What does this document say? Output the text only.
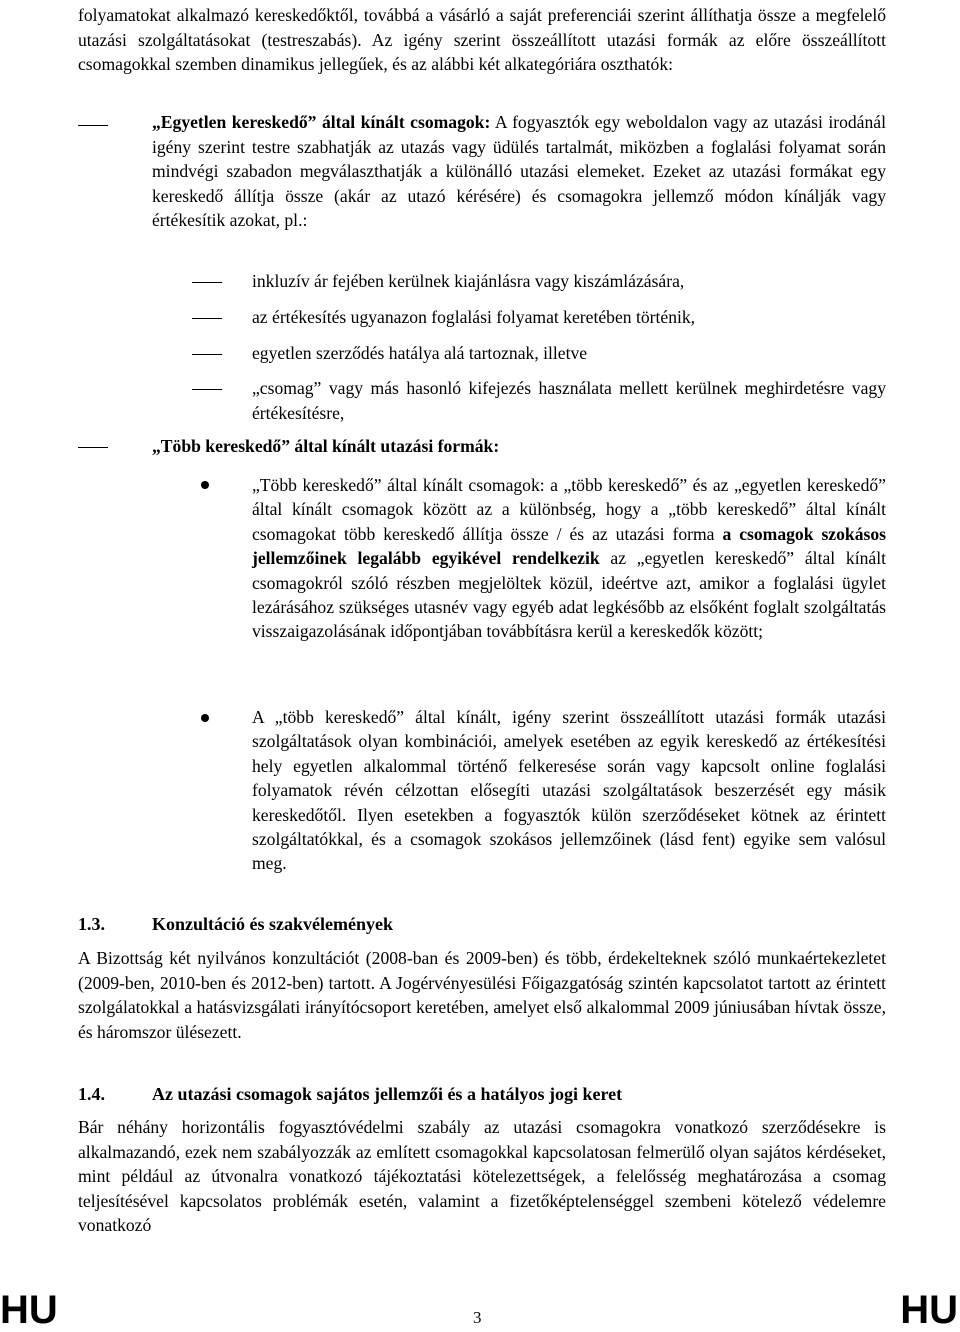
folyamatokat alkalmazó kereskedőktől, továbbá a vásárló a saját preferenciái szerint állíthatja össze a megfelelő utazási szolgáltatásokat (testreszabás). Az igény szerint összeállított utazási formák az előre összeállított csomagokkal szemben dinamikus jellegűek, és az alábbi két alkategóriára oszthatók:

„Egyetlen kereskedő” által kínált csomagok: A fogyasztók egy weboldalon vagy az utazási irodánál igény szerint testre szabhatják az utazás vagy üdülés tartalmát, miközben a foglalási folyamat során mindvégi szabadon megválaszthatják a különálló utazási elemeket. Ezeket az utazási formákat egy kereskedő állítja össze (akár az utazó kérésére) és csomagokra jellemző módon kínálják vagy értékesítik azokat, pl.:

inkluzív ár fejében kerülnek kiajánlásra vagy kiszámlázására,

az értékesítés ugyanazon foglalási folyamat keretében történik,

egyetlen szerződés hatálya alá tartoznak, illetve

„csomag” vagy más hasonló kifejezés használata mellett kerülnek meghirdetésre vagy értékesítésre,

„Több kereskedő” által kínált utazási formák:

„Több kereskedő” által kínált csomagok: a „több kereskedő” és az „egyetlen kereskedő” által kínált csomagok között az a különbség, hogy a „több kereskedő” által kínált csomagokat több kereskedő állítja össze / és az utazási forma a csomagok szokásos jellemzőinek legalább egyikével rendelkezik az „egyetlen kereskedő” által kínált csomagokról szóló részben megjelöltek közül, ideértve azt, amikor a foglalási ügylet lezárásához szükséges utasnév vagy egyéb adat legkésőbb az elsőként foglalt szolgáltatás visszaigazolásának időpontjában továbbításra kerül a kereskedők között;

A „több kereskedő” által kínált, igény szerint összeállított utazási formák utazási szolgáltatások olyan kombinációi, amelyek esetében az egyik kereskedő az értékesítési hely egyetlen alkalommal történő felkeresése során vagy kapcsolt online foglalási folyamatok révén célzottan elősegíti utazási szolgáltatások beszerzését egy másik kereskedőtől. Ilyen esetekben a fogyasztók külön szerződéseket kötnek az érintett szolgáltatókkal, és a csomagok szokásos jellemzőinek (lásd fent) egyike sem valósul meg.

1.3.	Konzultáció és szakvélemények

A Bizottság két nyilvános konzultációt (2008-ban és 2009-ben) és több, érdekelteknek szóló munkaértekezletet (2009-ben, 2010-ben és 2012-ben) tartott. A Jogérvényesülési Főigazgatóság szintén kapcsolatot tartott az érintett szolgálatokkal a hatásvizsgálati irányítócsoport keretében, amelyet első alkalommal 2009 júniusában hívtak össze, és háromszor ülésezett.

1.4.	Az utazási csomagok sajátos jellemzői és a hatályos jogi keret

Bár néhány horizontális fogyasztóvédelmi szabály az utazási csomagokra vonatkozó szerződésekre is alkalmazandó, ezek nem szabályozzák az említett csomagokkal kapcsolatosan felmerülő olyan sajátos kérdéseket, mint például az útvonalra vonatkozó tájékoztatási kötelezettségek, a felelősség meghatározása a csomag teljesítésével kapcsolatos problémák esetén, valamint a fizetőképtelenséggel szembeni kötelező védelemre vonatkozó

HU	3	HU
